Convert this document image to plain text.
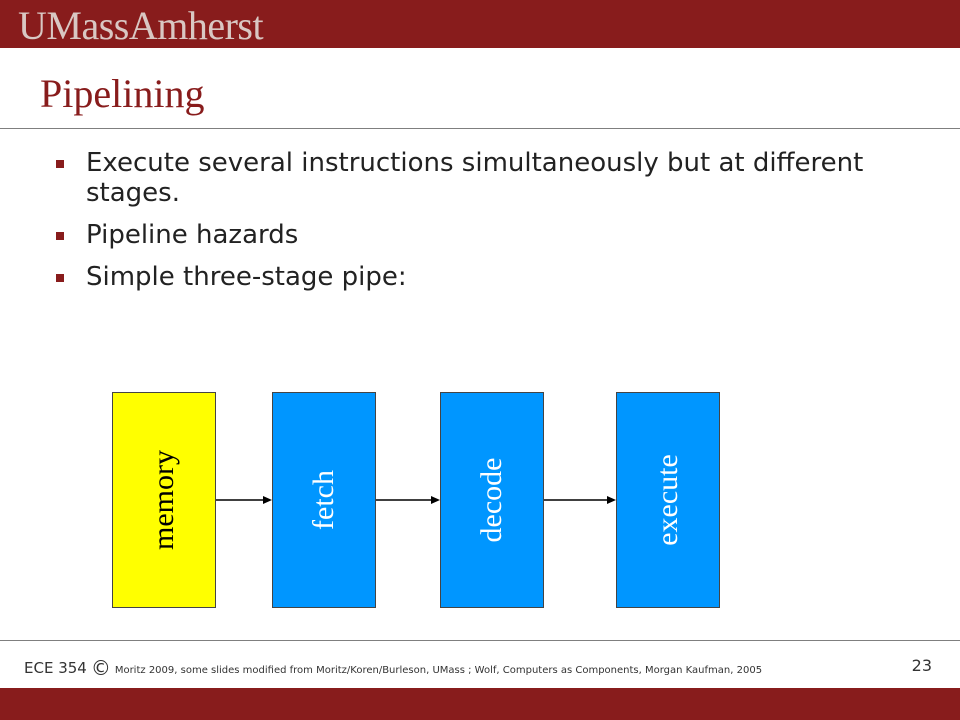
UMassAmherst
Pipelining
Execute several instructions simultaneously but at different stages.
Pipeline hazards
Simple three-stage pipe:
memory	fetch	decode	execute
ECE 354 © Moritz 2009, some slides modified from Moritz/Koren/Burleson, UMass ; Wolf, Computers as Components, Morgan Kaufman, 2005	23
